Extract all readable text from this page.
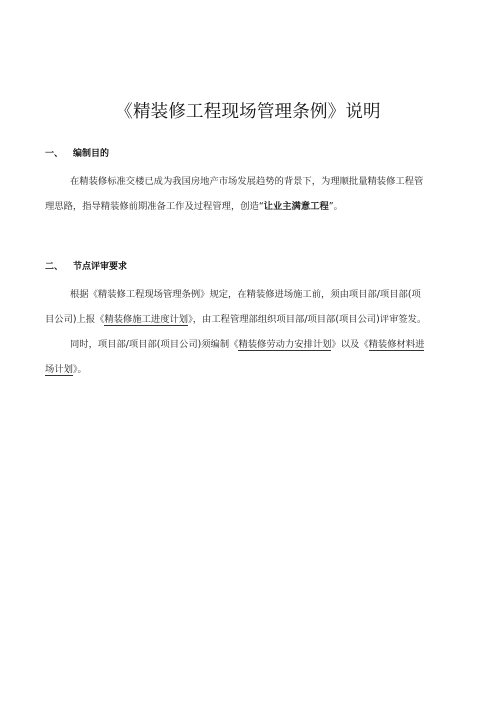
《精装修工程现场管理条例》说明
一、 编制目的
在精装修标准交楼已成为我国房地产市场发展趋势的背景下，为理顺批量精装修工程管
理思路，指导精装修前期准备工作及过程管理，创造“让业主满意工程”。
二、 节点评审要求
根据《精装修工程现场管理条例》规定，在精装修进场施工前，须由项目部/项目部(项
目公司)上报《精装修施工进度计划》，由工程管理部组织项目部/项目部(项目公司)评审签发。
同时，项目部/项目部(项目公司)须编制《精装修劳动力安排计划》以及《精装修材料进
场计划》。
